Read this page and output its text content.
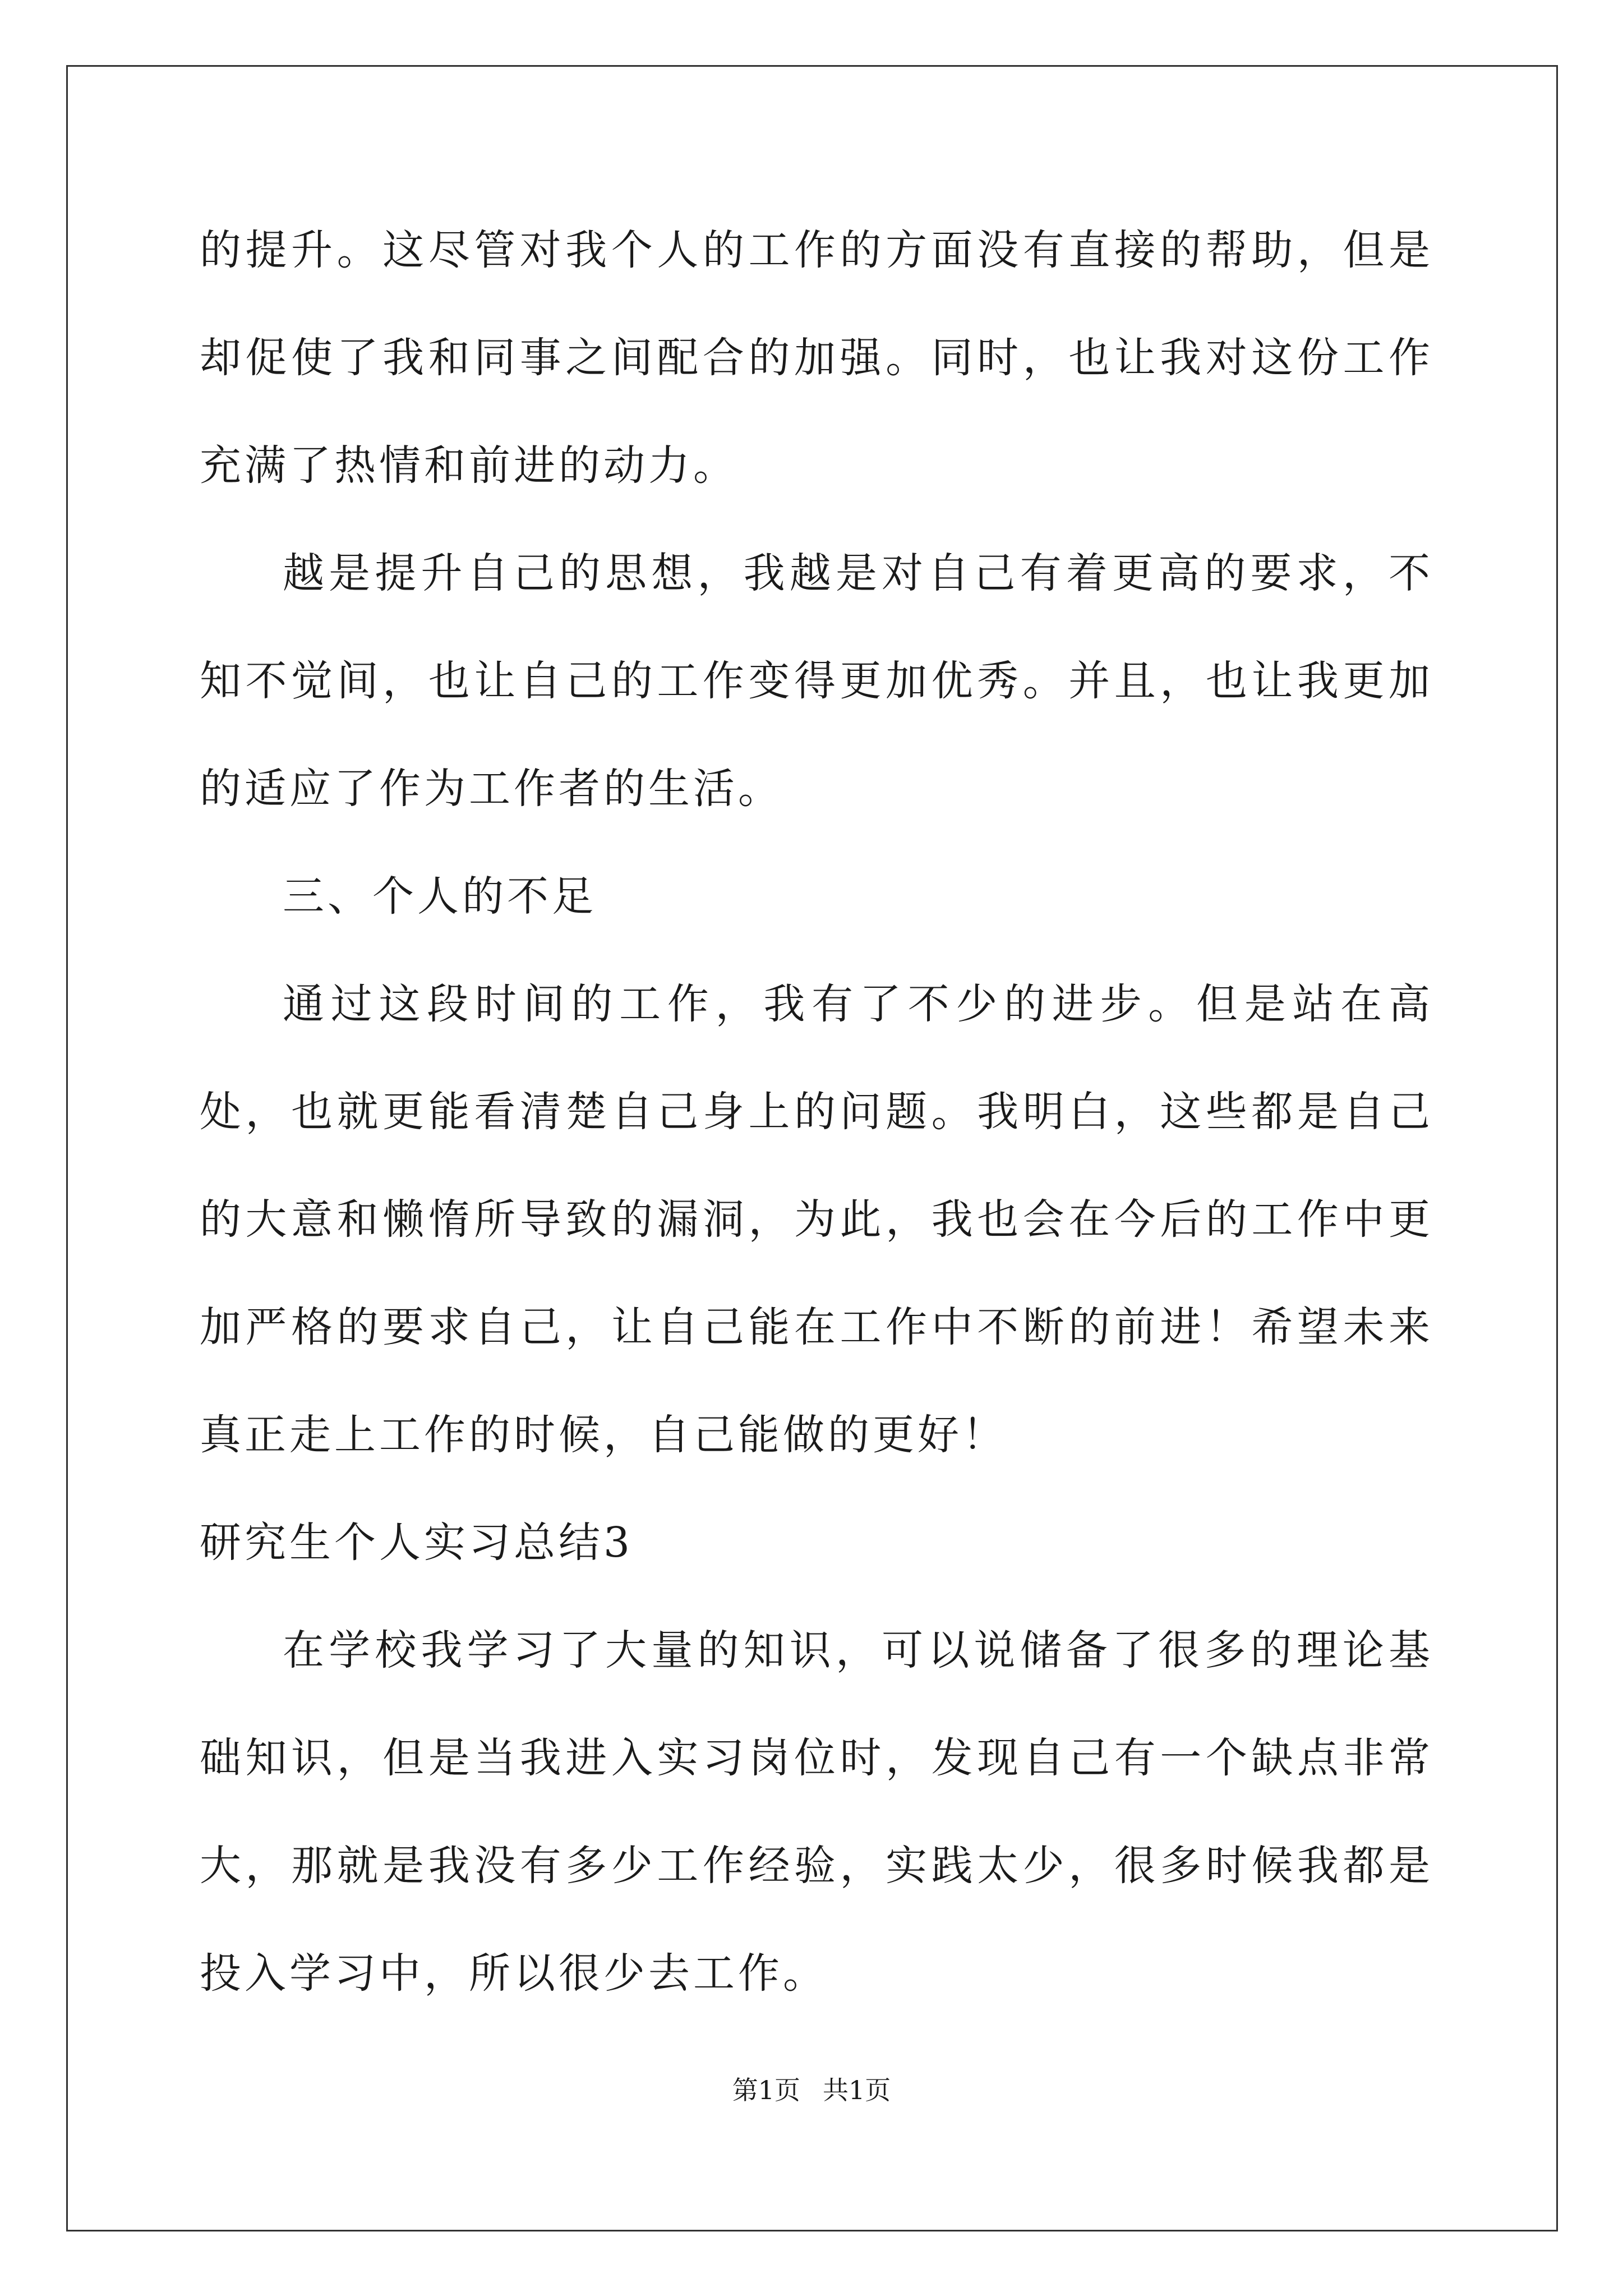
的提升。这尽管对我个人的工作的方面没有直接的帮助，但是却促使了我和同事之间配合的加强。同时，也让我对这份工作充满了热情和前进的动力。

越是提升自己的思想，我越是对自己有着更高的要求，不知不觉间，也让自己的工作变得更加优秀。并且，也让我更加的适应了作为工作者的生活。

三、个人的不足

通过这段时间的工作，我有了不少的进步。但是站在高处，也就更能看清楚自己身上的问题。我明白，这些都是自己的大意和懒惰所导致的漏洞，为此，我也会在今后的工作中更加严格的要求自己，让自己能在工作中不断的前进！希望未来真正走上工作的时候，自己能做的更好！

研究生个人实习总结3

在学校我学习了大量的知识，可以说储备了很多的理论基础知识，但是当我进入实习岗位时，发现自己有一个缺点非常大，那就是我没有多少工作经验，实践太少，很多时候我都是投入学习中，所以很少去工作。

第1页 共1页
